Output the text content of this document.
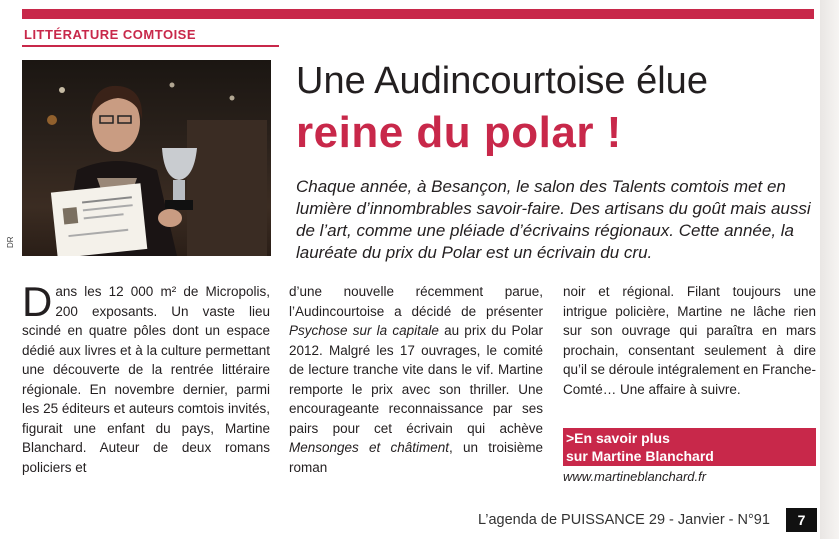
LITTÉRATURE COMTOISE
DR
Une Audincourtoise élue
reine du polar !
Chaque année, à Besançon, le salon des Talents comtois met en lumière d’innombrables savoir-faire. Des artisans du goût mais aussi de l’art, comme une pléiade d’écrivains régionaux. Cette année, la lauréate du prix du Polar est un écrivain du cru.
Dans les 12 000 m² de Micropolis, 200 exposants. Un vaste lieu scindé en quatre pôles dont un espace dédié aux livres et à la culture permettant une découverte de la rentrée littéraire régionale. En novembre dernier, parmi les 25 éditeurs et auteurs comtois invités, figurait une enfant du pays, Martine Blanchard. Auteur de deux romans policiers et
d’une nouvelle récemment parue, l’Audincourtoise a décidé de présenter Psychose sur la capitale au prix du Polar 2012. Malgré les 17 ouvrages, le comité de lecture tranche vite dans le vif. Martine remporte le prix avec son thriller. Une encourageante reconnaissance par ses pairs pour cet écrivain qui achève Mensonges et châtiment, un troisième roman
noir et régional. Filant toujours une intrigue policière, Martine ne lâche rien sur son ouvrage qui paraîtra en mars prochain, consentant seulement à dire qu’il se déroule intégralement en Franche-Comté… Une affaire à suivre.
>En savoir plus
sur Martine Blanchard
www.martineblanchard.fr
L’agenda de PUISSANCE 29 - Janvier - N°91	7
